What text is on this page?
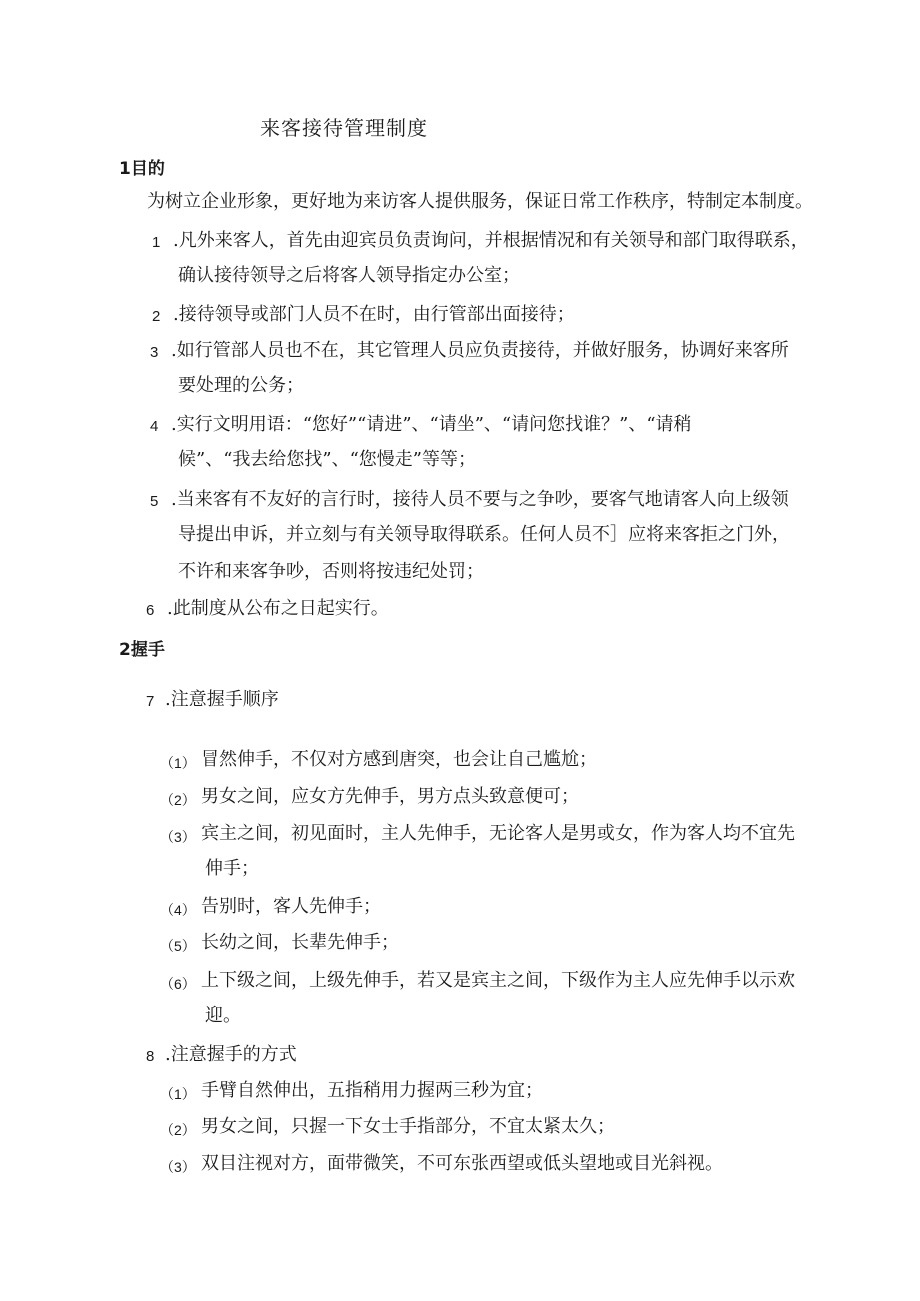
来客接待管理制度
1目的
为树立企业形象，更好地为来访客人提供服务，保证日常工作秩序，特制定本制度。
1 .凡外来客人，首先由迎宾员负责询问，并根据情况和有关领导和部门取得联系，
确认接待领导之后将客人领导指定办公室；
2 .接待领导或部门人员不在时，由行管部出面接待；
3 .如行管部人员也不在，其它管理人员应负责接待，并做好服务，协调好来客所
要处理的公务；
4 .实行文明用语：“您好”“请进”、“请坐”、“请问您找谁？”、“请稍
候”、“我去给您找”、“您慢走”等等；
5 .当来客有不友好的言行时，接待人员不要与之争吵，要客气地请客人向上级领
导提出申诉，并立刻与有关领导取得联系。任何人员不］应将来客拒之门外，
不许和来客争吵，否则将按违纪处罚；
6 .此制度从公布之日起实行。
2握手
7 .注意握手顺序
（1） 冒然伸手，不仅对方感到唐突，也会让自己尴尬；
（2） 男女之间，应女方先伸手，男方点头致意便可；
（3） 宾主之间，初见面时，主人先伸手，无论客人是男或女，作为客人均不宜先
伸手；
（4） 告别时，客人先伸手；
（5） 长幼之间，长辈先伸手；
（6） 上下级之间，上级先伸手，若又是宾主之间，下级作为主人应先伸手以示欢
迎。
8 .注意握手的方式
（1） 手臂自然伸出，五指稍用力握两三秒为宜；
（2） 男女之间，只握一下女士手指部分，不宜太紧太久；
（3） 双目注视对方，面带微笑，不可东张西望或低头望地或目光斜视。
